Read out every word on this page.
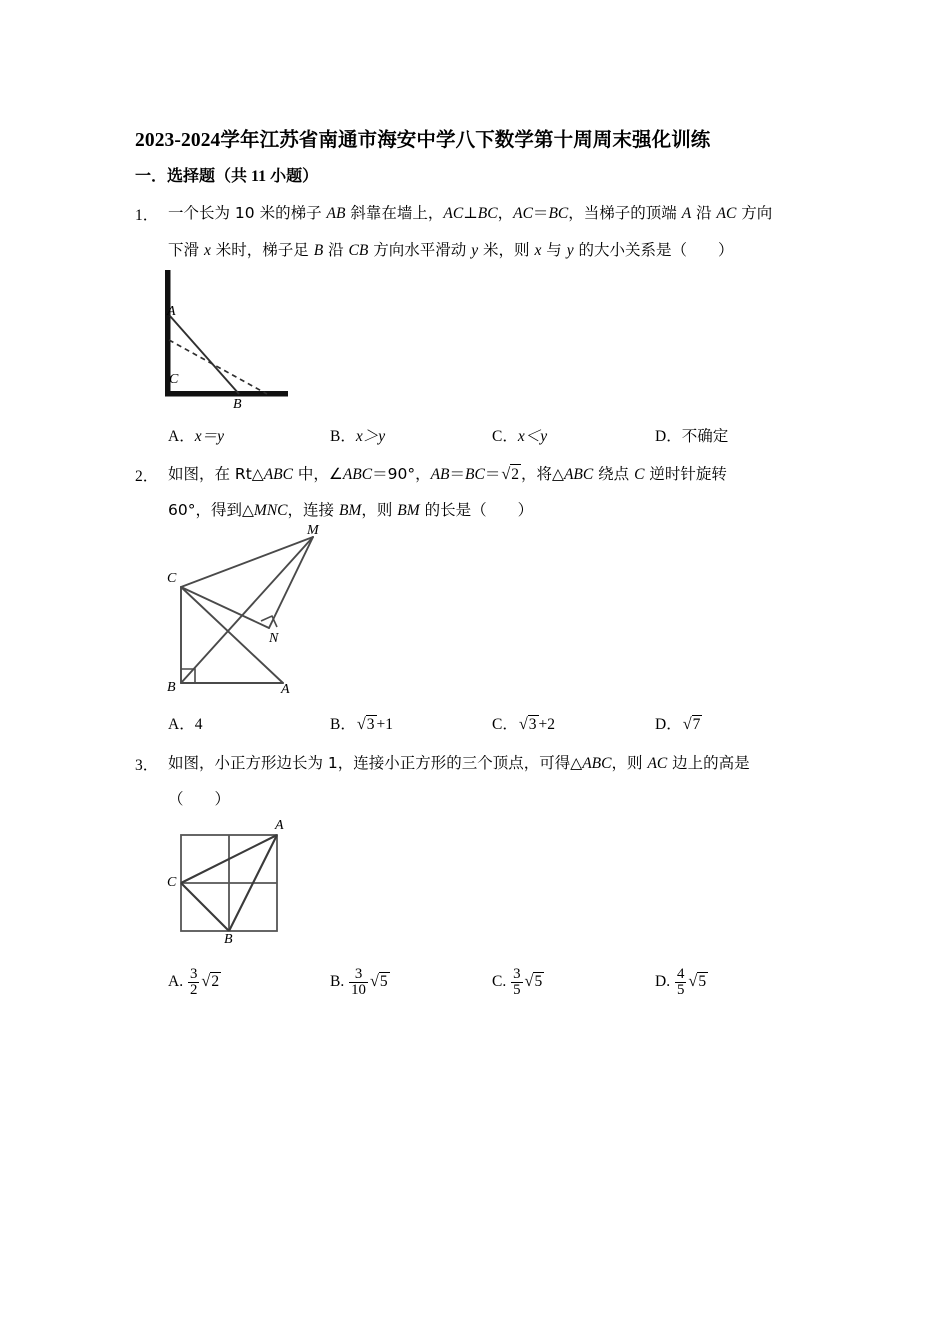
2023-2024学年江苏省南通市海安中学八下数学第十周周末强化训练
一．选择题（共 11 小题）
1． 一个长为 10 米的梯子 AB 斜靠在墙上，AC⊥BC，AC＝BC，当梯子的顶端 A 沿 AC 方向
下滑 x 米时，梯子足 B 沿 CB 方向水平滑动 y 米，则 x 与 y 的大小关系是（　　）
A
C
B
A．x＝y	B．x＞y	C．x＜y	D．不确定
2． 如图，在 Rt△ABC 中，∠ABC＝90°，AB＝BC＝√2 ，将△ABC 绕点 C 逆时针旋转
60°，得到△MNC，连接 BM，则 BM 的长是（　　）
M
C
N
B	A
A．4	B．√3 +1	C．√3 +2	D．√7
3． 如图，小正方形边长为 1，连接小正方形的三个顶点，可得△ABC，则 AC 边上的高是
（　　）
A
C
B
A. $\frac{3}{2} √2$	B. $\frac{3}{10} √5$	C. $\frac{3}{5} √5$	D. $\frac{4}{5} √5$
